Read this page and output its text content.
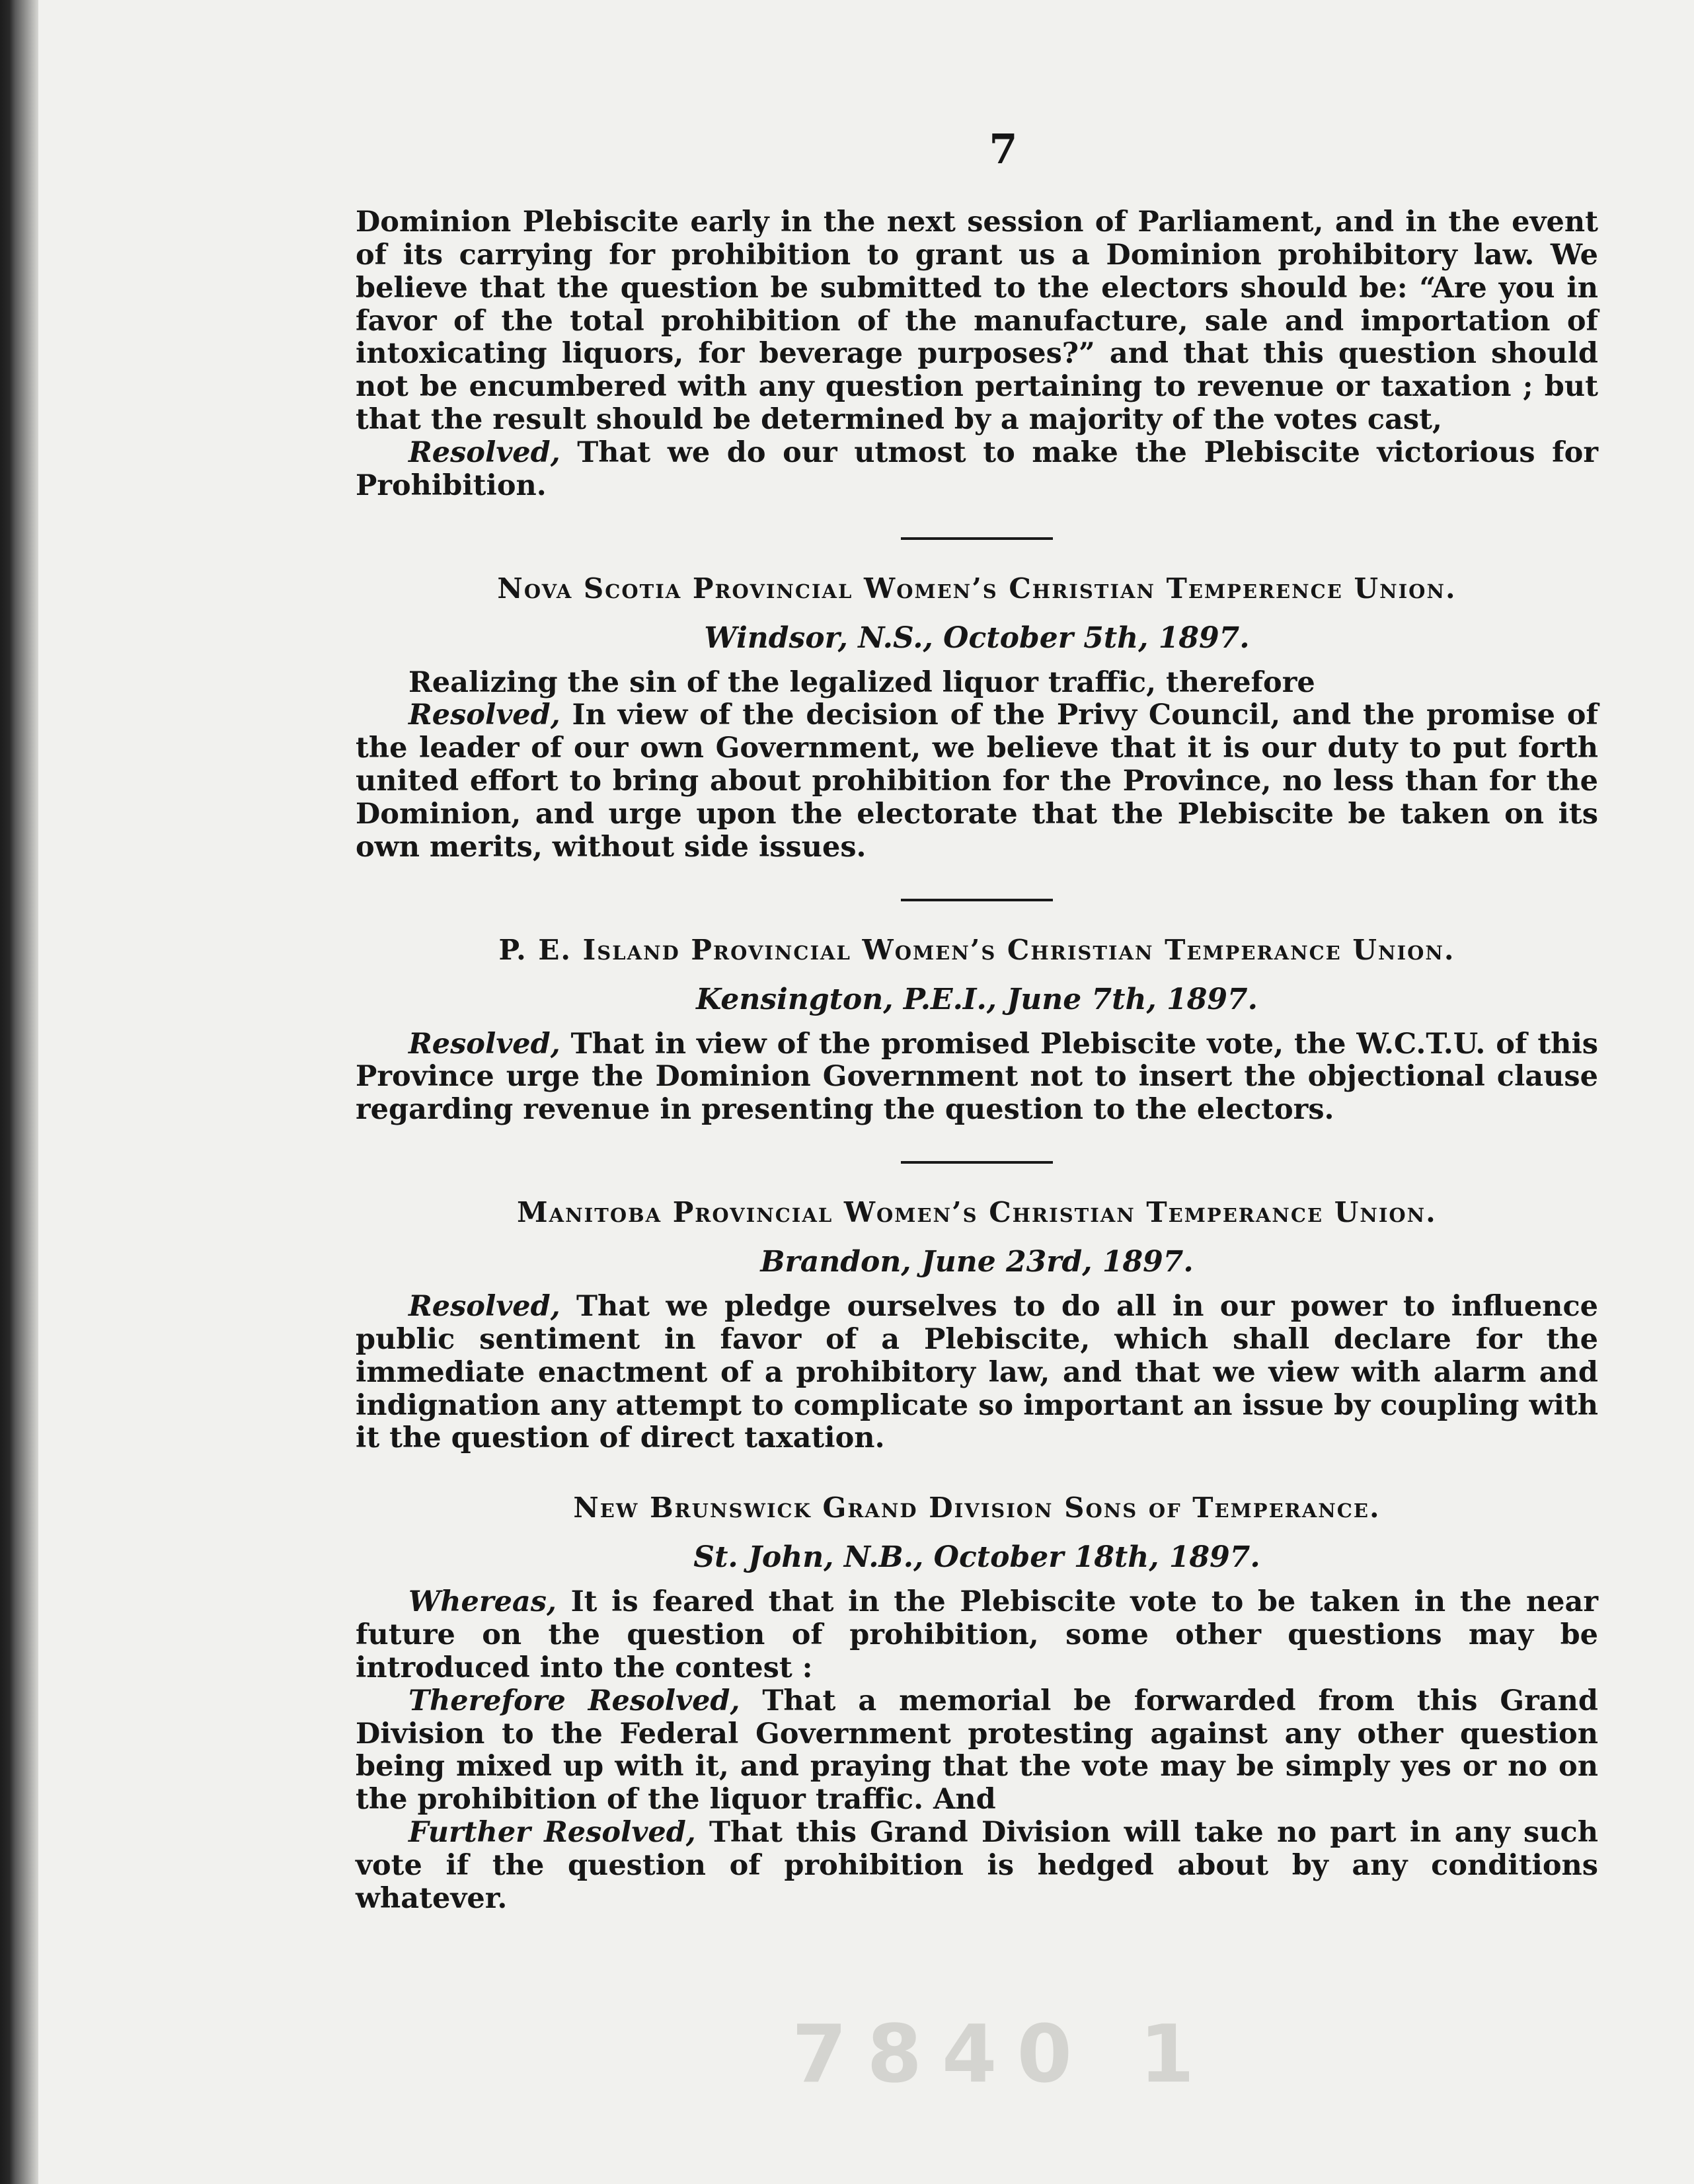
7

Dominion Plebiscite early in the next session of Parliament, and in the event of its carrying for prohibition to grant us a Dominion prohibitory law. We believe that the question be submitted to the electors should be: “Are you in favor of the total prohibition of the manufacture, sale and importation of intoxicating liquors, for beverage purposes?” and that this question should not be encumbered with any question pertaining to revenue or taxation ; but that the result should be determined by a majority of the votes cast,

Resolved, That we do our utmost to make the Plebiscite victorious for Prohibition.

Nova Scotia Provincial Women’s Christian Temperence Union.
Windsor, N.S., October 5th, 1897.

Realizing the sin of the legalized liquor traffic, therefore

Resolved, In view of the decision of the Privy Council, and the promise of the leader of our own Government, we believe that it is our duty to put forth united effort to bring about prohibition for the Province, no less than for the Dominion, and urge upon the electorate that the Plebiscite be taken on its own merits, without side issues.

P. E. Island Provincial Women’s Christian Temperance Union.
Kensington, P.E.I., June 7th, 1897.

Resolved, That in view of the promised Plebiscite vote, the W.C.T.U. of this Province urge the Dominion Government not to insert the objectional clause regarding revenue in presenting the question to the electors.

Manitoba Provincial Women’s Christian Temperance Union.
Brandon, June 23rd, 1897.

Resolved, That we pledge ourselves to do all in our power to influence public sentiment in favor of a Plebiscite, which shall declare for the immediate enactment of a prohibitory law, and that we view with alarm and indignation any attempt to complicate so important an issue by coupling with it the question of direct taxation.

New Brunswick Grand Division Sons of Temperance.
St. John, N.B., October 18th, 1897.

Whereas, It is feared that in the Plebiscite vote to be taken in the near future on the question of prohibition, some other questions may be introduced into the contest :

Therefore Resolved, That a memorial be forwarded from this Grand Division to the Federal Government protesting against any other question being mixed up with it, and praying that the vote may be simply yes or no on the prohibition of the liquor traffic. And

Further Resolved, That this Grand Division will take no part in any such vote if the question of prohibition is hedged about by any conditions whatever.

7840 1
